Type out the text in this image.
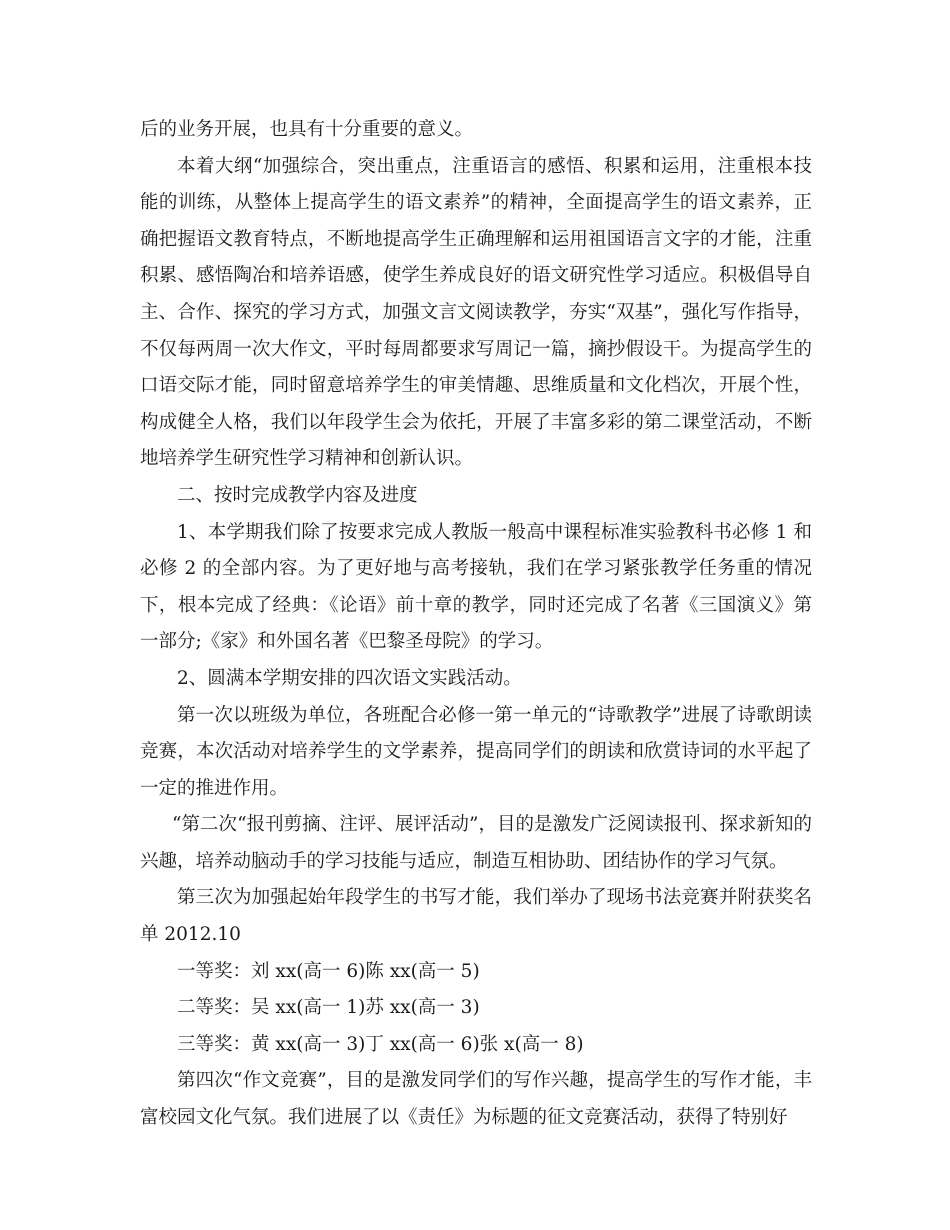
后的业务开展，也具有十分重要的意义。

本着大纲“加强综合，突出重点，注重语言的感悟、积累和运用，注重根本技能的训练，从整体上提高学生的语文素养”的精神，全面提高学生的语文素养，正确把握语文教育特点，不断地提高学生正确理解和运用祖国语言文字的才能，注重积累、感悟陶冶和培养语感，使学生养成良好的语文研究性学习适应。积极倡导自主、合作、探究的学习方式，加强文言文阅读教学，夯实“双基”，强化写作指导，不仅每两周一次大作文，平时每周都要求写周记一篇，摘抄假设干。为提高学生的口语交际才能，同时留意培养学生的审美情趣、思维质量和文化档次，开展个性，构成健全人格，我们以年段学生会为依托，开展了丰富多彩的第二课堂活动，不断地培养学生研究性学习精神和创新认识。

二、按时完成教学内容及进度

1、本学期我们除了按要求完成人教版一般高中课程标准实验教科书必修 1 和必修 2 的全部内容。为了更好地与高考接轨，我们在学习紧张教学任务重的情况下，根本完成了经典：《论语》前十章的教学，同时还完成了名著《三国演义》第一部分;《家》和外国名著《巴黎圣母院》的学习。

2、圆满本学期安排的四次语文实践活动。

第一次以班级为单位，各班配合必修一第一单元的“诗歌教学”进展了诗歌朗读竞赛，本次活动对培养学生的文学素养，提高同学们的朗读和欣赏诗词的水平起了一定的推进作用。

“第二次“报刊剪摘、注评、展评活动”，目的是激发广泛阅读报刊、探求新知的兴趣，培养动脑动手的学习技能与适应，制造互相协助、团结协作的学习气氛。

第三次为加强起始年段学生的书写才能，我们举办了现场书法竞赛并附获奖名单 2012.10

一等奖：刘 xx(高一 6)陈 xx(高一 5)

二等奖：吴 xx(高一 1)苏 xx(高一 3)

三等奖：黄 xx(高一 3)丁 xx(高一 6)张 x(高一 8)

第四次“作文竞赛”，目的是激发同学们的写作兴趣，提高学生的写作才能，丰富校园文化气氛。我们进展了以《责任》为标题的征文竞赛活动，获得了特别好
